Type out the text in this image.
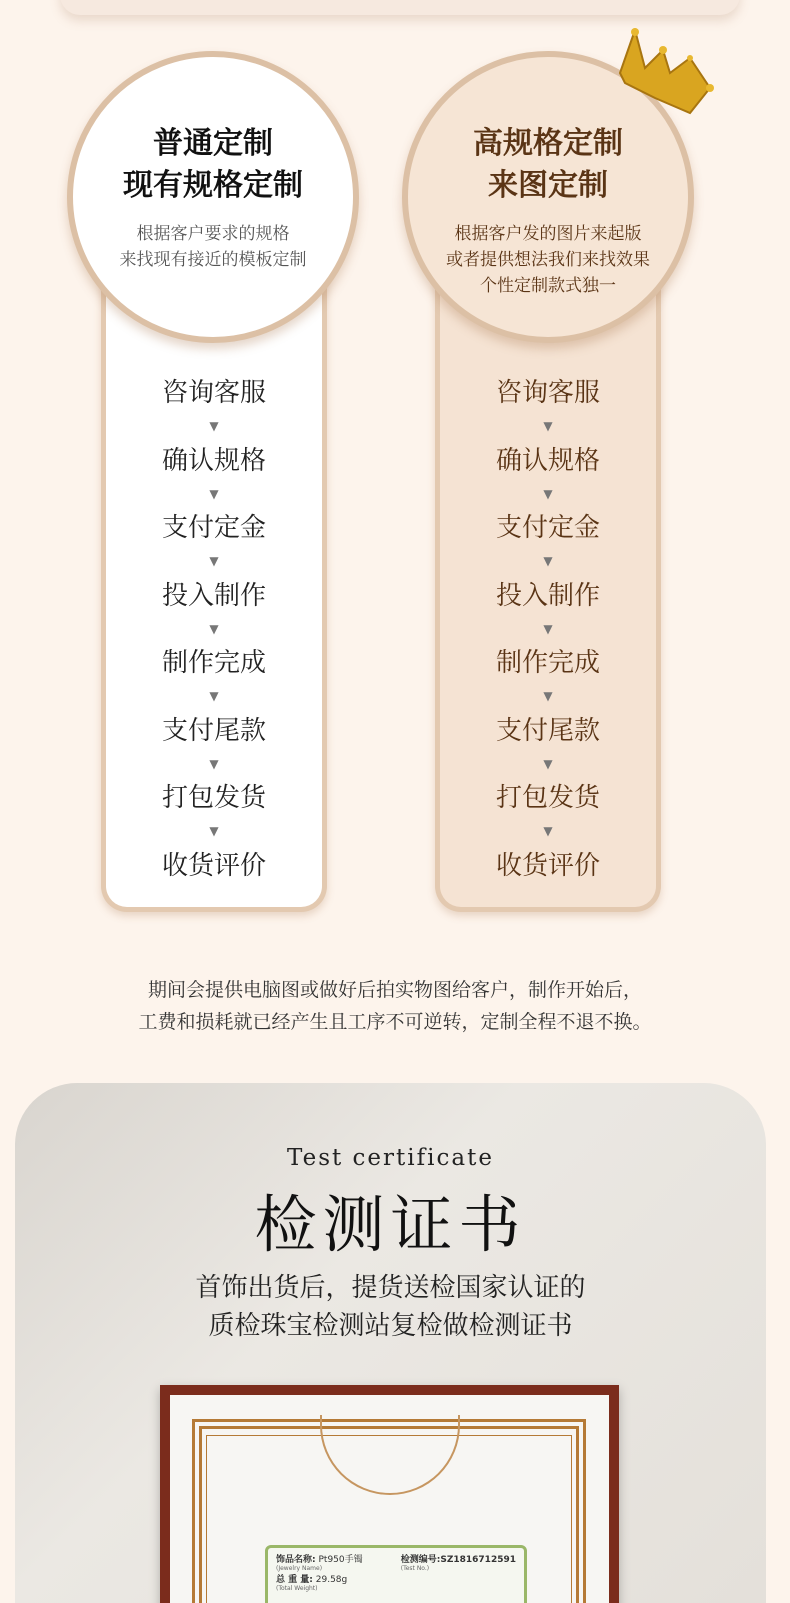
普通定制
现有规格定制
根据客户要求的规格
来找现有接近的模板定制
咨询客服
▼
确认规格
▼
支付定金
▼
投入制作
▼
制作完成
▼
支付尾款
▼
打包发货
▼
收货评价
高规格定制
来图定制
根据客户发的图片来起版
或者提供想法我们来找效果
个性定制款式独一
咨询客服
▼
确认规格
▼
支付定金
▼
投入制作
▼
制作完成
▼
支付尾款
▼
打包发货
▼
收货评价
期间会提供电脑图或做好后拍实物图给客户，制作开始后，
工费和损耗就已经产生且工序不可逆转，定制全程不退不换。
Test certificate
检测证书
首饰出货后，提货送检国家认证的
质检珠宝检测站复检做检测证书
饰品名称: Pt950手镯
(Jewelry Name)
总 重 量: 29.58g
(Total Weight)
检测编号:SZ1816712591
(Test No.)
